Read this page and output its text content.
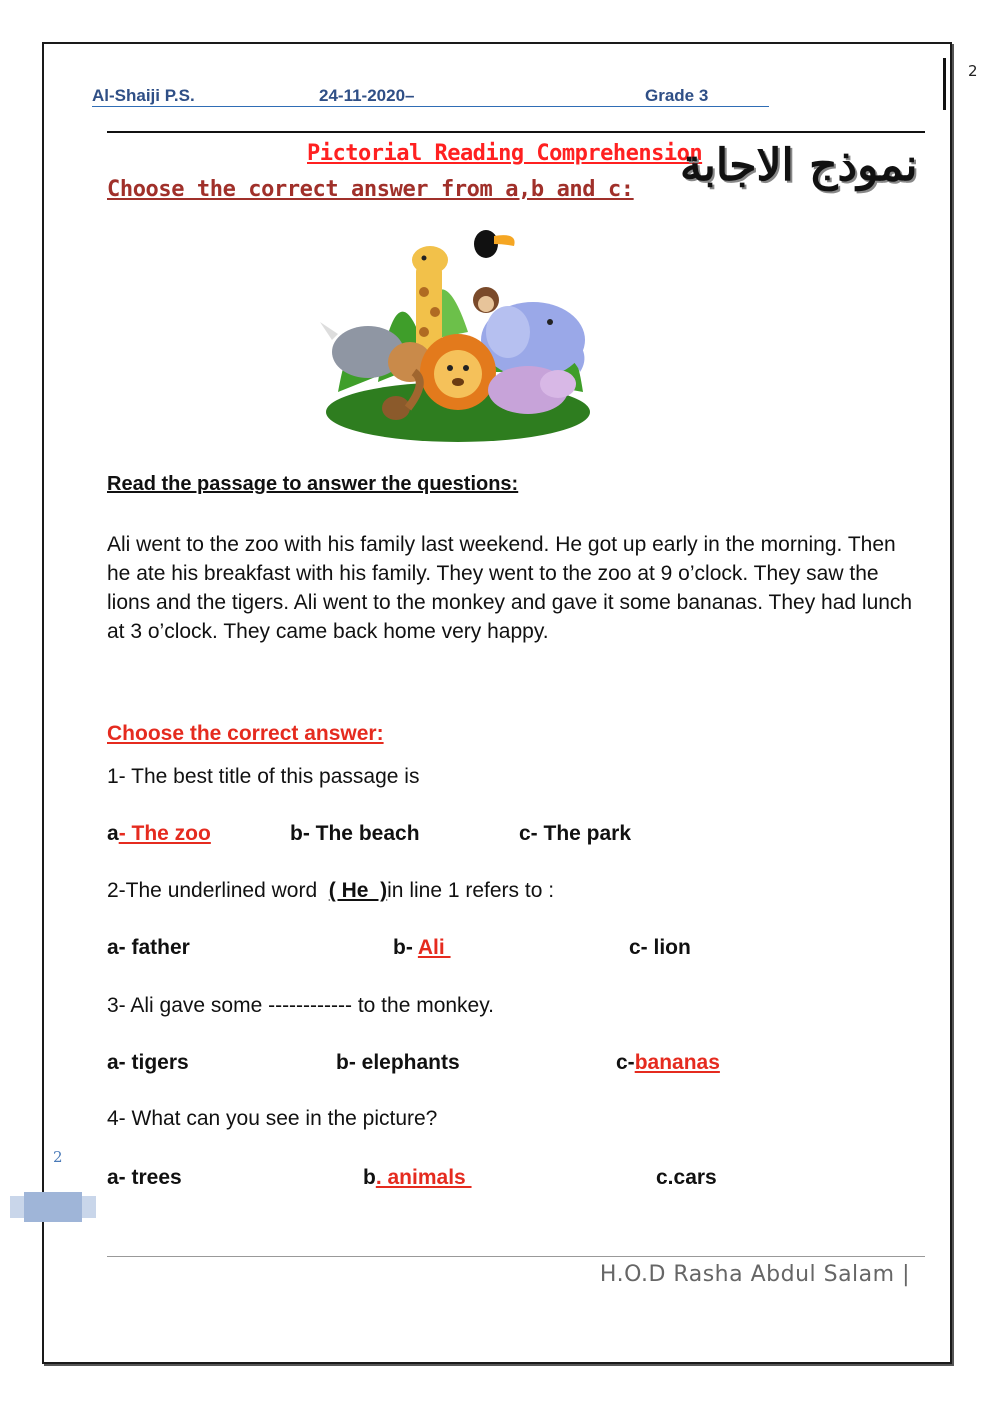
2
Al-Shaiji P.S.	24-11-2020–	Grade 3
Pictorial Reading Comprehension
Choose the correct answer from a,b and c: نموذج الاجابة
Read the passage to answer the questions:
Ali went to the zoo with his family last weekend. He got up early in the morning. Then he ate his breakfast with his family. They went to the zoo at 9 o’clock. They saw the lions and the tigers. Ali went to the monkey and gave it some bananas. They had lunch at 3 o’clock. They came back home very happy.
Choose the correct answer:
1- The best title of this passage is
a- The zoo	b- The beach	c- The park
2-The underlined word  ( He  )in line 1 refers to :
a- father	b- Ali	c- lion
3- Ali gave some ------------ to the monkey.
a- tigers	b- elephants	c-bananas
4- What can you see in the picture?
a- trees	b. animals	c.cars
2
H.O.D Rasha Abdul Salam |
